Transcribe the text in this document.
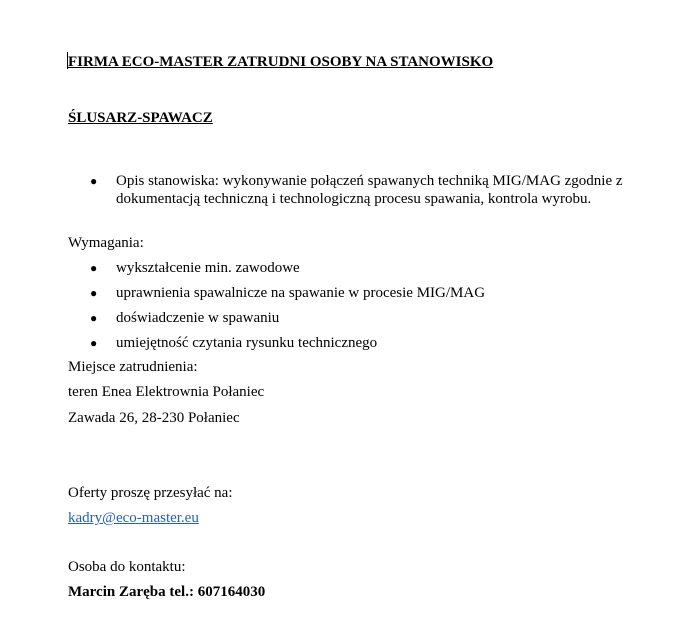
FIRMA ECO-MASTER ZATRUDNI OSOBY NA STANOWISKO
ŚLUSARZ-SPAWACZ
● Opis stanowiska: wykonywanie połączeń spawanych techniką MIG/MAG zgodnie z
dokumentacją techniczną i technologiczną procesu spawania, kontrola wyrobu.
Wymagania:
● wykształcenie min. zawodowe
● uprawnienia spawalnicze na spawanie w procesie MIG/MAG
● doświadczenie w spawaniu
● umiejętność czytania rysunku technicznego
Miejsce zatrudnienia:
teren Enea Elektrownia Połaniec
Zawada 26, 28-230 Połaniec
Oferty proszę przesyłać na:
kadry@eco-master.eu
Osoba do kontaktu:
Marcin Zaręba tel.: 607164030
